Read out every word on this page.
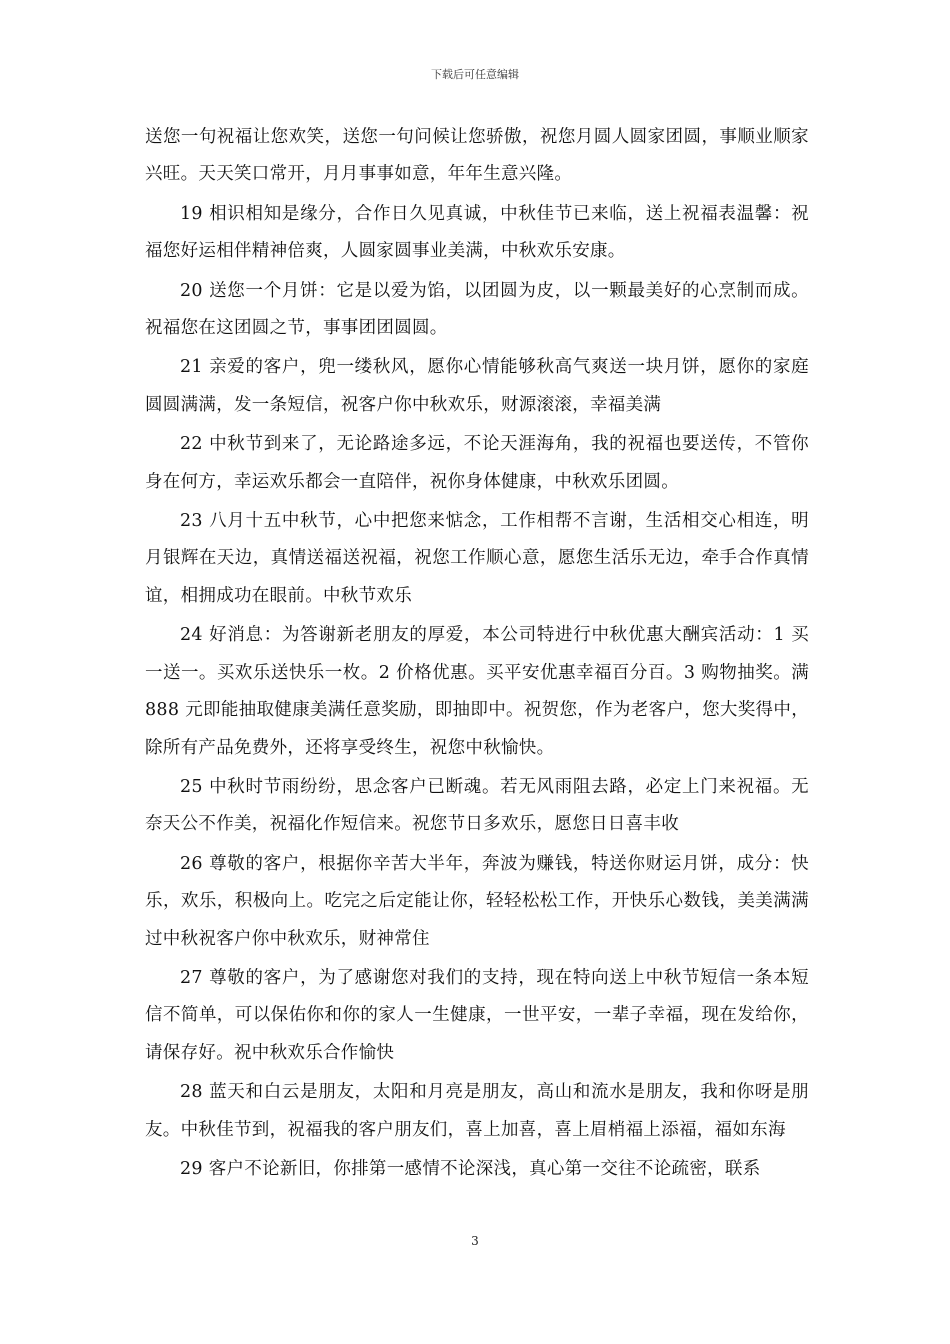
下载后可任意编辑

送您一句祝福让您欢笑，送您一句问候让您骄傲，祝您月圆人圆家团圆，事顺业顺家兴旺。天天笑口常开，月月事事如意，年年生意兴隆。

19 相识相知是缘分，合作日久见真诚，中秋佳节已来临，送上祝福表温馨：祝福您好运相伴精神倍爽，人圆家圆事业美满，中秋欢乐安康。

20 送您一个月饼：它是以爱为馅，以团圆为皮，以一颗最美好的心烹制而成。祝福您在这团圆之节，事事团团圆圆。

21 亲爱的客户，兜一缕秋风，愿你心情能够秋高气爽送一块月饼，愿你的家庭圆圆满满，发一条短信，祝客户你中秋欢乐，财源滚滚，幸福美满

22 中秋节到来了，无论路途多远，不论天涯海角，我的祝福也要送传，不管你身在何方，幸运欢乐都会一直陪伴，祝你身体健康，中秋欢乐团圆。

23 八月十五中秋节，心中把您来惦念，工作相帮不言谢，生活相交心相连，明月银辉在天边，真情送福送祝福，祝您工作顺心意，愿您生活乐无边，牵手合作真情谊，相拥成功在眼前。中秋节欢乐

24 好消息：为答谢新老朋友的厚爱，本公司特进行中秋优惠大酬宾活动：1 买一送一。买欢乐送快乐一枚。2 价格优惠。买平安优惠幸福百分百。3 购物抽奖。满 888 元即能抽取健康美满任意奖励，即抽即中。祝贺您，作为老客户，您大奖得中，除所有产品免费外，还将享受终生，祝您中秋愉快。

25 中秋时节雨纷纷，思念客户已断魂。若无风雨阻去路，必定上门来祝福。无奈天公不作美，祝福化作短信来。祝您节日多欢乐，愿您日日喜丰收

26 尊敬的客户，根据你辛苦大半年，奔波为赚钱，特送你财运月饼，成分：快乐，欢乐，积极向上。吃完之后定能让你，轻轻松松工作，开快乐心数钱，美美满满过中秋祝客户你中秋欢乐，财神常住

27 尊敬的客户，为了感谢您对我们的支持，现在特向送上中秋节短信一条本短信不简单，可以保佑你和你的家人一生健康，一世平安，一辈子幸福，现在发给你，请保存好。祝中秋欢乐合作愉快

28 蓝天和白云是朋友，太阳和月亮是朋友，高山和流水是朋友，我和你呀是朋友。中秋佳节到，祝福我的客户朋友们，喜上加喜，喜上眉梢福上添福，福如东海

29 客户不论新旧，你排第一感情不论深浅，真心第一交往不论疏密，联系

3
